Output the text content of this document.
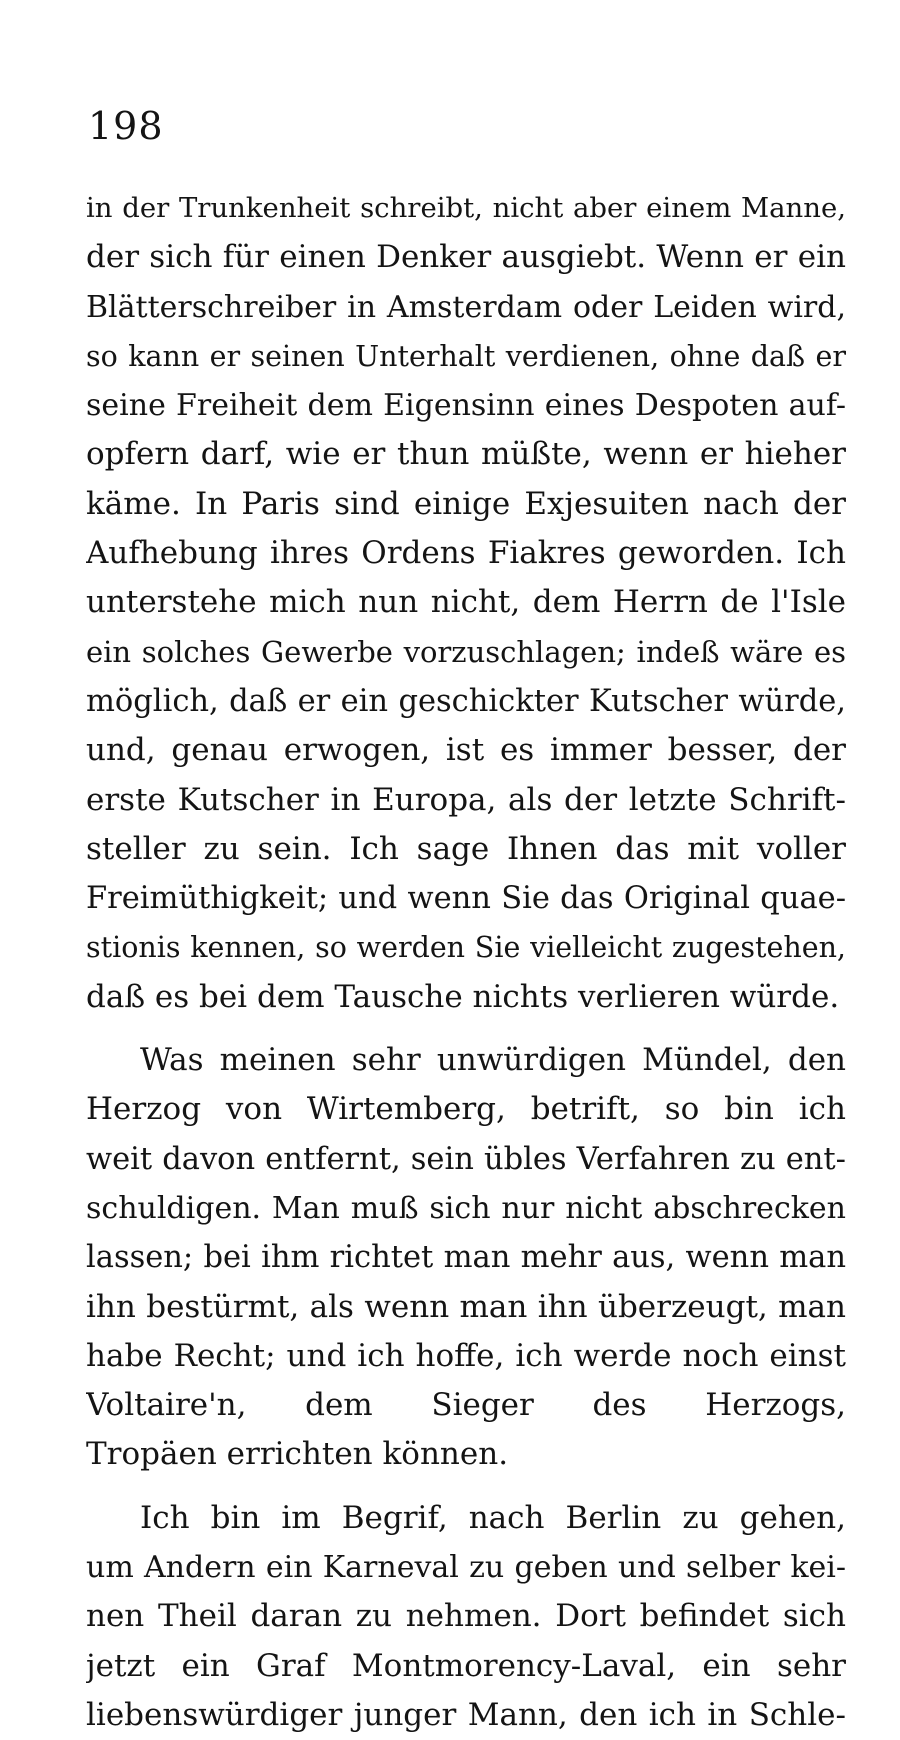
198
in der Trunkenheit schreibt, nicht aber einem Manne,
der sich für einen Denker ausgiebt. Wenn er ein
Blätterschreiber in Amsterdam oder Leiden wird,
so kann er seinen Unterhalt verdienen, ohne daß er
seine Freiheit dem Eigensinn eines Despoten auf-
opfern darf, wie er thun müßte, wenn er hieher
käme. In Paris sind einige Exjesuiten nach der
Aufhebung ihres Ordens Fiakres geworden. Ich
unterstehe mich nun nicht, dem Herrn de l'Isle
ein solches Gewerbe vorzuschlagen; indeß wäre es
möglich, daß er ein geschickter Kutscher würde,
und, genau erwogen, ist es immer besser, der
erste Kutscher in Europa, als der letzte Schrift-
steller zu sein. Ich sage Ihnen das mit voller
Freimüthigkeit; und wenn Sie das Original quae-
stionis kennen, so werden Sie vielleicht zugestehen,
daß es bei dem Tausche nichts verlieren würde.
Was meinen sehr unwürdigen Mündel, den
Herzog von Wirtemberg, betrift, so bin ich
weit davon entfernt, sein übles Verfahren zu ent-
schuldigen. Man muß sich nur nicht abschrecken
lassen; bei ihm richtet man mehr aus, wenn man
ihn bestürmt, als wenn man ihn überzeugt, man
habe Recht; und ich hoffe, ich werde noch einst
Voltaire'n, dem Sieger des Herzogs,
Tropäen errichten können.
Ich bin im Begrif, nach Berlin zu gehen,
um Andern ein Karneval zu geben und selber kei-
nen Theil daran zu nehmen. Dort befindet sich
jetzt ein Graf Montmorency-Laval, ein sehr
liebenswürdiger junger Mann, den ich in Schle-
